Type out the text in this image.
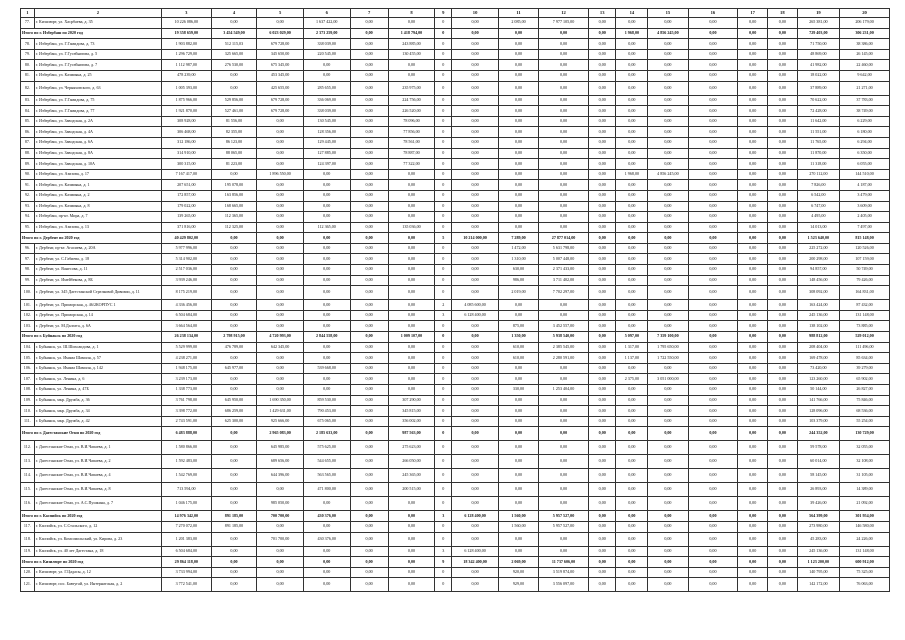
1	2	3	4	5	6	7	8	9	10	11	12	13	14	15	16	17	18	19	20
77.	г. Кизилюрт, ул. Хасрбаева, д. 35	10 226 086,00	0,00	0,00	1 637 422,00	0,00	0,00	0	0,00	2 085,00	7 977 105,00	0,00	0,00	0,00	0,00	0,00	0,00	265 381,00	206 179,00
Итого по г. Избербаш по 2020 год		19 358 659,00	3 454 549,00	6 023 029,00	2 373 259,00	0,00	1 418 794,00	0	0,00	0,00	0,00	0,00	1 968,00	4 856 245,00	0,00	0,00	0,00	729 403,00	306 231,00
78.	г. Избербаш, ул. Г.Гамидова, д. 73	1 903 882,00	512 115,03	679 728,00	338 039,00	0,00	243 885,00	0	0,00	0,00	0,00	0,00	0,00	0,00	0,00	0,00	0,00	71 750,00	38 386,00
79.	г. Избербаш, ул. Г.Гусейнатова, д. 5	1 296 729,00	325 665,00	345 650,00	220 545,00	0,00	130 455,00	0	0,00	0,00	0,00	0,00	0,00	0,00	0,00	0,00	0,00	48 869,00	26 145,00
80.	г. Избербаш, ул. Г.Гусейнатова, д. 7	1 112 987,00	276 530,00	675 345,00	0,00	0,00	0,00	0	0,00	0,00	0,00	0,00	0,00	0,00	0,00	0,00	0,00	41 982,00	22 460,00
81.	г. Избербаш, ул. Казмияна, д. 25	478 239,00	0,00	453 345,00	0,00	0,00	0,00	0	0,00	0,00	0,00	0,00	0,00	0,00	0,00	0,00	0,00	18 022,00	9 642,00
82.	г. Избербаш, ул. Черняховского, д. 63	1 005 393,00	0,00	425 655,00	285 655,00	0,00	235 975,00	0	0,00	0,00	0,00	0,00	0,00	0,00	0,00	0,00	0,00	37 889,00	21 271,00
83.	г. Избербаш, ул. Г.Гамидова, д. 75	1 875 966,00	529 856,00	679 728,00	336 069,00	0,00	224 756,00	0	0,00	0,00	0,00	0,00	0,00	0,00	0,00	0,00	0,00	70 622,00	37 783,00
84.	г. Избербаш, ул. Г.Гамидова, д. 77	1 921 870,00	527 461,00	679 728,00	338 039,00	0,00	226 520,00	0	0,00	0,00	0,00	0,00	0,00	0,00	0,00	0,00	0,00	72 428,00	38 749,00
85.	г. Избербаш, ул. Заводская, д. 2А	308 928,00	81 556,00	0,00	130 545,00	0,00	78 096,00	0	0,00	0,00	0,00	0,00	0,00	0,00	0,00	0,00	0,00	11 642,00	6 229,00
86.	г. Избербаш, ул. Заводская, д. 4А	306 468,00	82 355,00	0,00	128 356,00	0,00	77 856,00	0	0,00	0,00	0,00	0,00	0,00	0,00	0,00	0,00	0,00	11 551,00	6 180,00
87.	г. Избербаш, ул. Заводская, д. 6А	312 186,00	86 123,00	0,00	129 445,00	0,00	78 561,00	0	0,00	0,00	0,00	0,00	0,00	0,00	0,00	0,00	0,00	11 765,00	6 294,00
88.	г. Избербаш, ул. Заводская, д. 8А	314 910,00	88 065,00	0,00	127 885,00	0,00	78 887,00	0	0,00	0,00	0,00	0,00	0,00	0,00	0,00	0,00	0,00	11 870,00	6 350,00
89.	г. Избербаш, ул. Заводская, д. 10А	300 315,00	81 223,00	0,00	124 397,00	0,00	77 322,00	0	0,00	0,00	0,00	0,00	0,00	0,00	0,00	0,00	0,00	11 318,00	6 055,00
90.	г. Избербаш, ул. Азизова, д. 17	7 167 417,00	0,00	1 896 550,00	0,00	0,00	0,00	0	0,00	0,00	0,00	0,00	1 968,00	4 856 245,00	0,00	0,00	0,00	270 112,00	144 510,00
91.	г. Избербаш, ул. Казмияна, д. 1	207 651,00	195 078,00	0,00	0,00	0,00	0,00	0	0,00	0,00	0,00	0,00	0,00	0,00	0,00	0,00	0,00	7 826,00	4 187,00
92.	г. Избербаш, ул. Казмияна, д. 2	172 857,00	163 856,00	0,00	0,00	0,00	0,00	0	0,00	0,00	0,00	0,00	0,00	0,00	0,00	0,00	0,00	6 542,00	3 479,00
93.	г. Избербаш, ул. Казмияна, д. 8	179 022,00	168 665,00	0,00	0,00	0,00	0,00	0	0,00	0,00	0,00	0,00	0,00	0,00	0,00	0,00	0,00	6 747,00	3 609,00
94.	г. Избербаш, пр-кт. Мира, д. 7	139 265,00	112 365,00	0,00	0,00	0,00	0,00	0	0,00	0,00	0,00	0,00	0,00	0,00	0,00	0,00	0,00	4 495,00	2 405,00
95.	г. Избербаш, ул. Азизова, д. 13	371 816,00	112 325,00	0,00	112 365,00	0,00	135 036,00	0	0,00	0,00	0,00	0,00	0,00	0,00	0,00	0,00	0,00	14 013,00	7 497,00
Итого по г. Дербент по 2020 год		40 429 802,00	0,00	0,00	0,00	0,00	0,00	5	10 214 000,00	7 289,00	27 877 014,00	0,00	0,00	0,00	0,00	0,00	0,00	1 523 640,00	815 148,00
96.	г. Дербент, пр-кт. Агасиева, д. 20А	5 977 996,00	0,00	0,00	0,00	0,00	0,00	0	0,00	1 472,00	5 631 798,00	0,00	0,00	0,00	0,00	0,00	0,00	225 272,00	120 526,00
97.	г. Дербент, ул. С.Габиева, д. 18	5 314 902,00	0,00	0,00	0,00	0,00	0,00	0	0,00	1 310,00	5 007 448,00	0,00	0,00	0,00	0,00	0,00	0,00	200 298,00	107 159,00
98.	г. Дербент, ул. Ванесова, д. 11	2 517 036,00	0,00	0,00	0,00	0,00	0,00	0	0,00	630,00	2 371 433,00	0,00	0,00	0,00	0,00	0,00	0,00	94 857,00	50 749,00
99.	г. Дербент, ул. Имейбекова, д. 8Б	3 939 246,00	0,00	0,00	0,00	0,00	0,00	0	0,00	986,00	3 711 402,00	0,00	0,00	0,00	0,00	0,00	0,00	148 456,00	79 426,00
100.	г. Дербент, ул. 345 Дагестанской Стрелковой Дивизии, д. 11	8 175 219,00	0,00	0,00	0,00	0,00	0,00	0	0,00	2 019,00	7 702 297,00	0,00	0,00	0,00	0,00	0,00	0,00	308 092,00	164 831,00
101.	г. Дербент, ул. Приморская, д. 46/2КОРПУС 1	4 336 456,00	0,00	0,00	0,00	0,00	0,00	2	4 085 600,00	0,00	0,00	0,00	0,00	0,00	0,00	0,00	0,00	163 424,00	87 432,00
102.	г. Дербент, ул. Приморская, д. 14	6 504 684,00	0,00	0,00	0,00	0,00	0,00	3	6 128 400,00	0,00	0,00	0,00	0,00	0,00	0,00	0,00	0,00	245 136,00	131 148,00
103.	г. Дербент, ул. М.Далгата, д. 6А	3 664 564,00	0,00	0,00	0,00	0,00	0,00	0	0,00	875,00	3 452 557,00	0,00	0,00	0,00	0,00	0,00	0,00	138 102,00	73 885,00
Итого по г. Буйнакск по 2020 год		26 238 134,00	2 798 915,00	4 720 993,00	2 844 558,00	0,00	1 009 107,00	0	0,00	1 350,00	5 938 540,00	0,00	5 097,00	7 359 100,00	0,00	0,00	0,00	988 812,00	529 012,00
104.	г. Буйнакск, ул. Ш.Шихсаидова, д. 1	5 529 999,00	476 789,00	642 345,00	0,00	0,00	0,00	0	0,00	610,00	2 385 545,00	0,00	1 317,00	1 795 650,00	0,00	0,00	0,00	208 404,00	111 496,00
105.	г. Буйнакск, ул. Имама Шамиля, д. 57	4 238 271,00	0,00	0,00	0,00	0,00	0,00	0	0,00	610,00	2 280 591,00	0,00	1 137,00	1 722 550,00	0,00	0,00	0,00	169 478,00	85 634,00
106.	г. Буйнакск, ул. Имама Шамиля, д. 142	1 948 175,00	645 977,00	0,00	539 668,00	0,00	0,00	0	0,00	0,00	0,00	0,00	0,00	0,00	0,00	0,00	0,00	73 420,00	39 279,00
107.	г. Буйнакск, ул. Ленина, д. 6	3 239 173,00	0,00	0,00	0,00	0,00	0,00	0	0,00	0,00	0,00	0,00	2 375,00	3 051 000,00	0,00	0,00	0,00	123 260,00	65 902,00
108.	г. Буйнакск, ул. Ленина, д. 47Б	1 338 773,00	0,00	0,00	0,00	0,00	0,00	0	0,00	330,00	1 253 404,00	0,00	0,00	0,00	0,00	0,00	0,00	50 144,00	26 827,00
109.	г. Буйнакск, мкр. Дружба, д. 36	3 761 798,00	645 950,00	1 690 350,00	859 530,00	0,00	307 290,00	0	0,00	0,00	0,00	0,00	0,00	0,00	0,00	0,00	0,00	141 766,00	75 846,00
110.	г. Буйнакск, мкр. Дружба, д. 34	3 398 772,00	686 259,00	1 429 631,00	790 453,00	0,00	345 815,00	0	0,00	0,00	0,00	0,00	0,00	0,00	0,00	0,00	0,00	128 096,00	68 536,00
111.	г. Буйнакск, мкр. Дружба, д. 42	2 743 591,00	625 300,00	925 666,00	675 065,00	0,00	356 002,00	0	0,00	0,00	0,00	0,00	0,00	0,00	0,00	0,00	0,00	103 379,00	55 254,00
Итого по г. Дагестанские Огни по 2020 год		6 483 888,00	0,00	2 965 083,00	2 185 633,00	0,00	987 563,00	0	0,00	0,00	0,00	0,00	0,00	0,00	0,00	0,00	0,00	244 352,00	130 729,00
112.	г. Дагестанские Огни, ул. В.И.Чапаева, д. 1	1 580 866,00	0,00	645 985,00	575 625,00	0,00	275 623,00	0	0,00	0,00	0,00	0,00	0,00	0,00	0,00	0,00	0,00	59 578,00	32 055,00
113.	г. Дагестанские Огни, ул. В.И.Чапаева, д. 2	1 592 483,00	0,00	689 656,00	544 655,00	0,00	266 050,00	0	0,00	0,00	0,00	0,00	0,00	0,00	0,00	0,00	0,00	60 014,00	32 108,00
114.	г. Дагестанские Огни, ул. В.И.Чапаева, д. 4	1 542 769,00	0,00	644 396,00	563 565,00	0,00	245 365,00	0	0,00	0,00	0,00	0,00	0,00	0,00	0,00	0,00	0,00	58 145,00	31 105,00
115.	г. Дагестанские Огни, ул. В.И.Чапаева, д. 8	713 594,00	0,00	0,00	471 800,00	0,00	200 515,00	0	0,00	0,00	0,00	0,00	0,00	0,00	0,00	0,00	0,00	26 893,00	14 389,00
116.	г. Дагестанские Огни, ул. А.С.Пушкина, д. 7	1 046 175,00	0,00	985 050,00	0,00	0,00	0,00	0	0,00	0,00	0,00	0,00	0,00	0,00	0,00	0,00	0,00	39 426,00	21 092,00
Итого по г. Каспийск по 2020 год		14 976 342,00	891 185,00	700 700,00	430 376,00	0,00	0,00	3	6 128 400,00	1 560,00	5 957 527,00	0,00	0,00	0,00	0,00	0,00	0,00	564 399,00	301 954,00
117.	г. Каспийск, ул. С.Стальского, д. 12	7 270 072,00	891 185,00	0,00	0,00	0,00	0,00	0	0,00	1 560,00	5 957 527,00	0,00	0,00	0,00	0,00	0,00	0,00	273 980,00	146 580,00
118.	г. Каспийск, ул. Комсомольский, ул. Кирова, д. 23	1 201 383,00	0,00	701 700,00	430 376,00	0,00	0,00	0	0,00	0,00	0,00	0,00	0,00	0,00	0,00	0,00	0,00	45 283,00	24 226,00
119.	г. Каспийск, ул. 40 лет Дагестана, д. 18	6 504 684,00	0,00	0,00	0,00	0,00	0,00	3	6 128 400,00	0,00	0,00	0,00	0,00	0,00	0,00	0,00	0,00	245 136,00	131 148,00
Итого по г. Кизилюрт по 2020 год		29 864 118,00	0,00	0,00	0,00	0,00	0,00	9	18 342 400,00	2 069,00	11 737 606,00	0,00	0,00	0,00	0,00	0,00	0,00	1 123 200,00	600 912,00
120.	г. Кизилюрт, ул. Г.Цадасы, д. 12	3 733 994,00	0,00	0,00	0,00	0,00	0,00	0	0,00	920,00	3 519 874,00	0,00	0,00	0,00	0,00	0,00	0,00	140 795,00	75 325,00
121.	г. Кизилюрт, пос. Бавтугай, ул. Интернатская, д. 2	3 772 541,00	0,00	0,00	0,00	0,00	0,00	0	0,00	929,00	3 556 097,00	0,00	0,00	0,00	0,00	0,00	0,00	142 172,00	76 063,00
